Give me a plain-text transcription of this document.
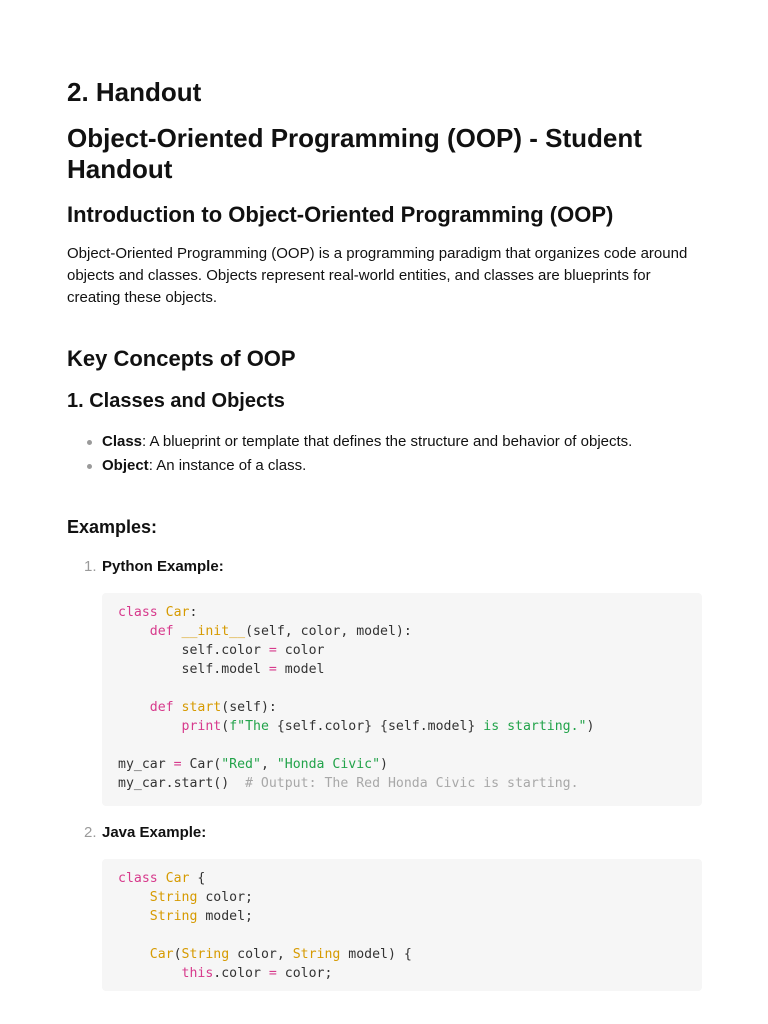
2. Handout
Object-Oriented Programming (OOP) - Student Handout
Introduction to Object-Oriented Programming (OOP)

Object-Oriented Programming (OOP) is a programming paradigm that organizes code around objects and classes. Objects represent real-world entities, and classes are blueprints for creating these objects.

Key Concepts of OOP
1. Classes and Objects
Class: A blueprint or template that defines the structure and behavior of objects.
Object: An instance of a class.
Examples:
1. Python Example:
class Car:
def __init__(self, color, model):
self.color = color
self.model = model
def start(self):
print(f"The {self.color} {self.model} is starting.")
my_car = Car("Red", "Honda Civic")
my_car.start()  # Output: The Red Honda Civic is starting.
2. Java Example:
class Car {
String color;
String model;
Car(String color, String model) {
this.color = color;
